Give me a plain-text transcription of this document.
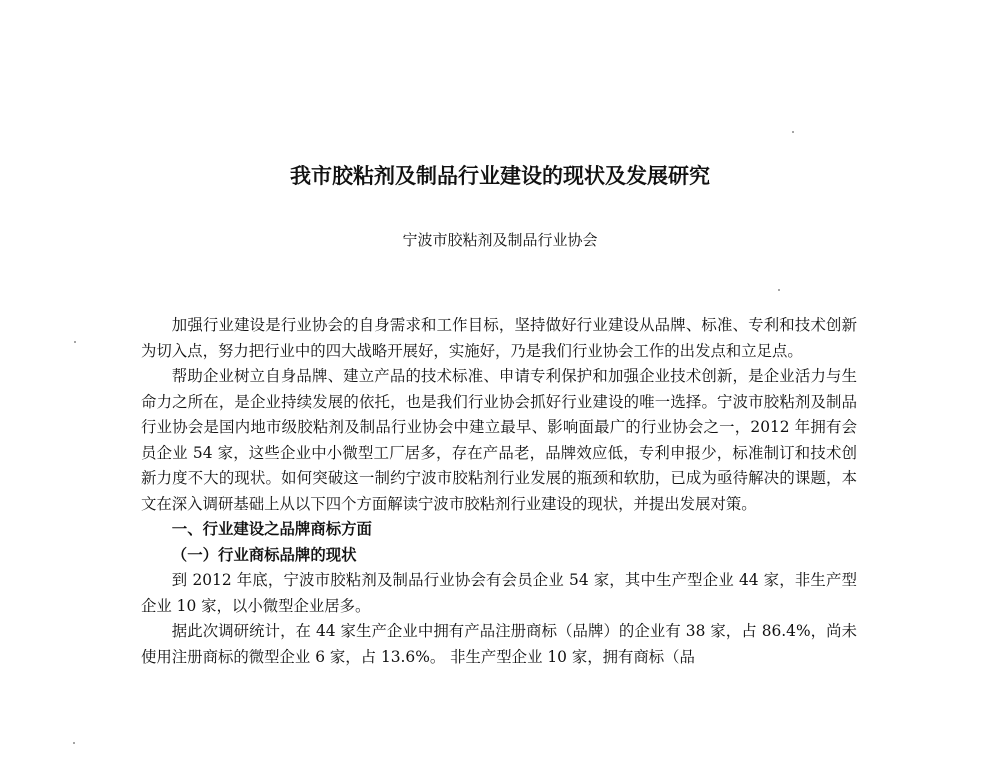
我市胶粘剂及制品行业建设的现状及发展研究

宁波市胶粘剂及制品行业协会

加强行业建设是行业协会的自身需求和工作目标，坚持做好行业建设从品牌、标准、专利和技术创新为切入点，努力把行业中的四大战略开展好，实施好，乃是我们行业协会工作的出发点和立足点。

帮助企业树立自身品牌、建立产品的技术标准、申请专利保护和加强企业技术创新，是企业活力与生命力之所在，是企业持续发展的依托，也是我们行业协会抓好行业建设的唯一选择。宁波市胶粘剂及制品行业协会是国内地市级胶粘剂及制品行业协会中建立最早、影响面最广的行业协会之一，2012 年拥有会员企业 54 家，这些企业中小微型工厂居多，存在产品老，品牌效应低，专利申报少，标准制订和技术创新力度不大的现状。如何突破这一制约宁波市胶粘剂行业发展的瓶颈和软肋，已成为亟待解决的课题，本文在深入调研基础上从以下四个方面解读宁波市胶粘剂行业建设的现状，并提出发展对策。

一、行业建设之品牌商标方面

（一）行业商标品牌的现状

到 2012 年底，宁波市胶粘剂及制品行业协会有会员企业 54 家，其中生产型企业 44 家，非生产型企业 10 家，以小微型企业居多。

据此次调研统计，在 44 家生产企业中拥有产品注册商标（品牌）的企业有 38 家，占 86.4%，尚未使用注册商标的微型企业 6 家，占 13.6%。 非生产型企业 10 家，拥有商标（品
